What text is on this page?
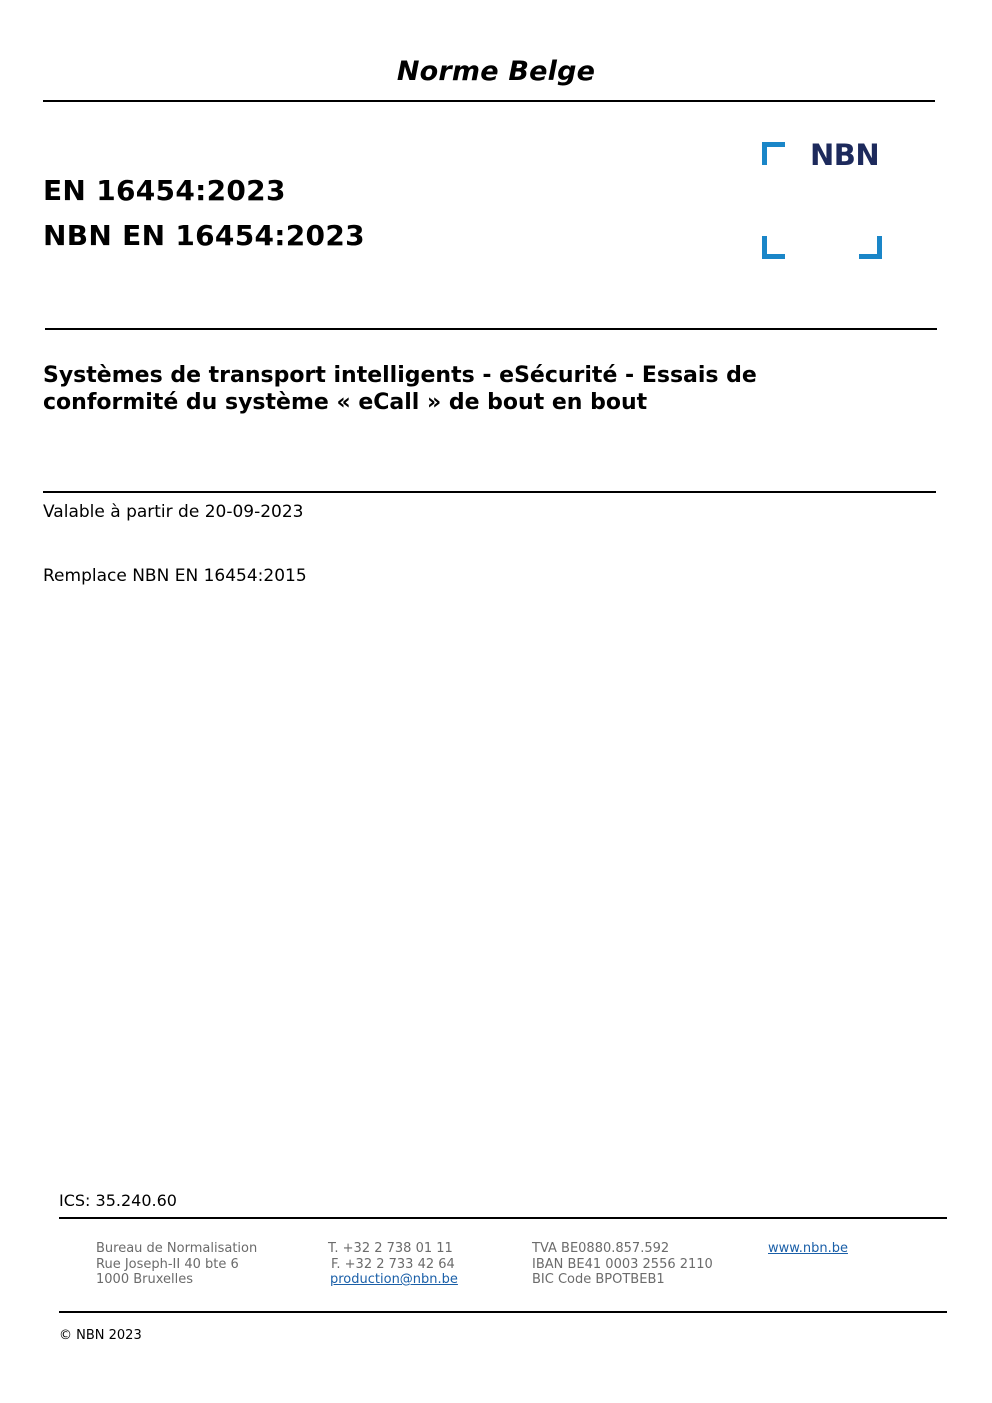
Norme Belge
EN 16454:2023
NBN EN 16454:2023
NBN
Systèmes de transport intelligents - eSécurité - Essais de
conformité du système « eCall » de bout en bout
Valable à partir de 20-09-2023
Remplace NBN EN 16454:2015
ICS: 35.240.60
Bureau de Normalisation
Rue Joseph-II 40 bte 6
1000 Bruxelles
T. +32 2 738 01 11
F. +32 2 733 42 64
production@nbn.be
TVA BE0880.857.592
IBAN BE41 0003 2556 2110
BIC Code BPOTBEB1
www.nbn.be
© NBN 2023
